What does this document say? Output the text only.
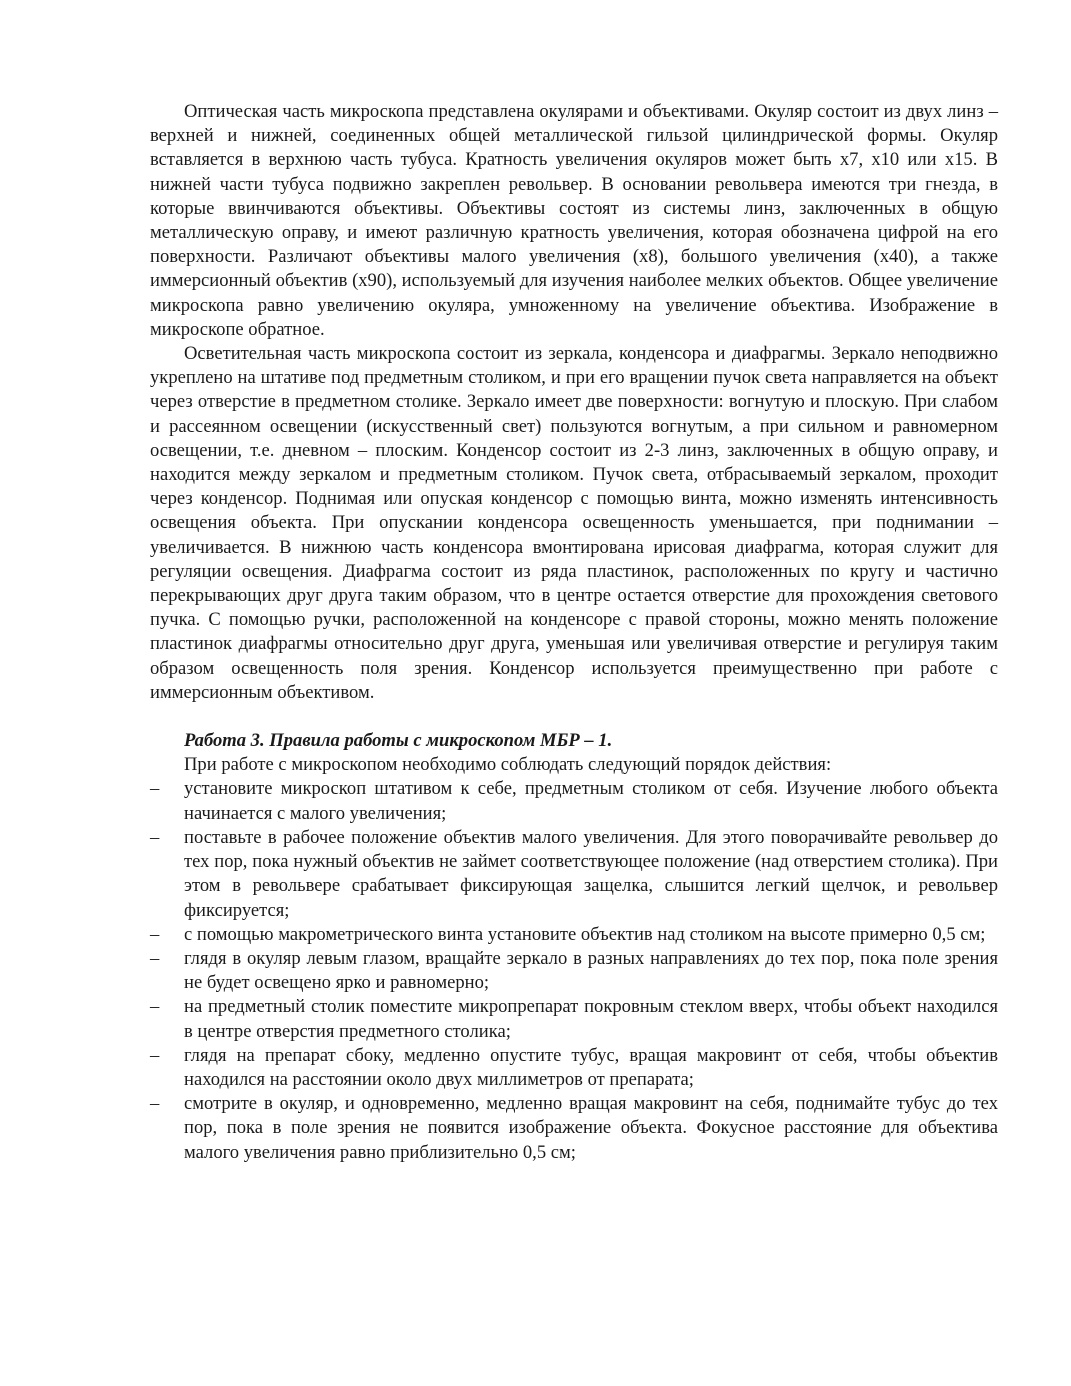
Оптическая часть микроскопа представлена окулярами и объективами. Окуляр состоит из двух линз – верхней и нижней, соединенных общей металлической гильзой цилиндрической формы. Окуляр вставляется в верхнюю часть тубуса. Кратность увеличения окуляров может быть х7, х10 или х15. В нижней части тубуса подвижно закреплен револьвер. В основании револьвера имеются три гнезда, в которые ввинчиваются объективы. Объективы состоят из системы линз, заключенных в общую металлическую оправу, и имеют различную кратность увеличения, которая обозначена цифрой на его поверхности. Различают объективы малого увеличения (х8), большого увеличения (х40), а также иммерсионный объектив (х90), используемый для изучения наиболее мелких объектов. Общее увеличение микроскопа равно увеличению окуляра, умноженному на увеличение объектива. Изображение в микроскопе обратное.

Осветительная часть микроскопа состоит из зеркала, конденсора и диафрагмы. Зеркало неподвижно укреплено на штативе под предметным столиком, и при его вращении пучок света направляется на объект через отверстие в предметном столике. Зеркало имеет две поверхности: вогнутую и плоскую. При слабом и рассеянном освещении (искусственный свет) пользуются вогнутым, а при сильном и равномерном освещении, т.е. дневном – плоским. Конденсор состоит из 2-3 линз, заключенных в общую оправу, и находится между зеркалом и предметным столиком. Пучок света, отбрасываемый зеркалом, проходит через конденсор. Поднимая или опуская конденсор с помощью винта, можно изменять интенсивность освещения объекта. При опускании конденсора освещенность уменьшается, при поднимании – увеличивается. В нижнюю часть конденсора вмонтирована ирисовая диафрагма, которая служит для регуляции освещения. Диафрагма состоит из ряда пластинок, расположенных по кругу и частично перекрывающих друг друга таким образом, что в центре остается отверстие для прохождения светового пучка. С помощью ручки, расположенной на конденсоре с правой стороны, можно менять положение пластинок диафрагмы относительно друг друга, уменьшая или увеличивая отверстие и регулируя таким образом освещенность поля зрения. Конденсор используется преимущественно при работе с иммерсионным объективом.

Работа 3. Правила работы с микроскопом МБР – 1.

При работе с микроскопом необходимо соблюдать следующий порядок действия:

– установите микроскоп штативом к себе, предметным столиком от себя. Изучение любого объекта начинается с малого увеличения;
– поставьте в рабочее положение объектив малого увеличения. Для этого поворачивайте револьвер до тех пор, пока нужный объектив не займет соответствующее положение (над отверстием столика). При этом в револьвере срабатывает фиксирующая защелка, слышится легкий щелчок, и револьвер фиксируется;
– с помощью макрометрического винта установите объектив над столиком на высоте примерно 0,5 см;
– глядя в окуляр левым глазом, вращайте зеркало в разных направлениях до тех пор, пока поле зрения не будет освещено ярко и равномерно;
– на предметный столик поместите микропрепарат покровным стеклом вверх, чтобы объект находился в центре отверстия предметного столика;
– глядя на препарат сбоку, медленно опустите тубус, вращая макровинт от себя, чтобы объектив находился на расстоянии около двух миллиметров от препарата;
– смотрите в окуляр, и одновременно, медленно вращая макровинт на себя, поднимайте тубус до тех пор, пока в поле зрения не появится изображение объекта. Фокусное расстояние для объектива малого увеличения равно приблизительно 0,5 см;
